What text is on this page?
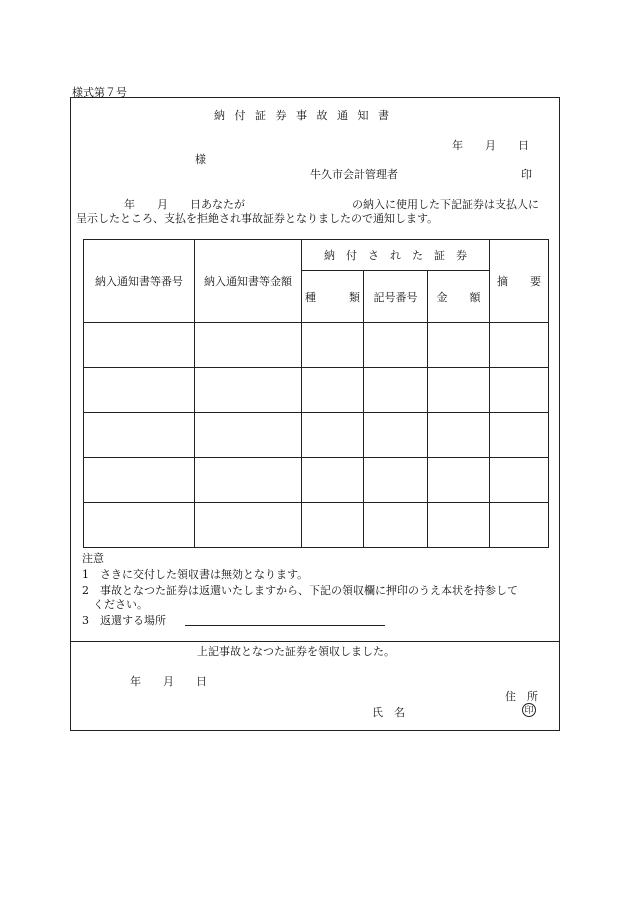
様式第７号
納付証券事故通知書
年　　月　　日
様
牛久市会計管理者	印
年　　月　　日あなたが	の納入に使用した下記証券は支払人に
呈示したところ、支払を拒絶され事故証券となりましたので通知します。
納入通知書等番号	納入通知書等金額	納　付　さ　れ　た　証　券			摘　　要
		種　　　類	記号番号	金　　額	

注意
1　さきに交付した領収書は無効となります。
2　事故となつた証券は返還いたしますから、下記の領収欄に押印のうえ本状を持参して
ください。
3　返還する場所
上記事故となつた証券を領収しました。
年　　月　　日
住　所
氏　名	印
